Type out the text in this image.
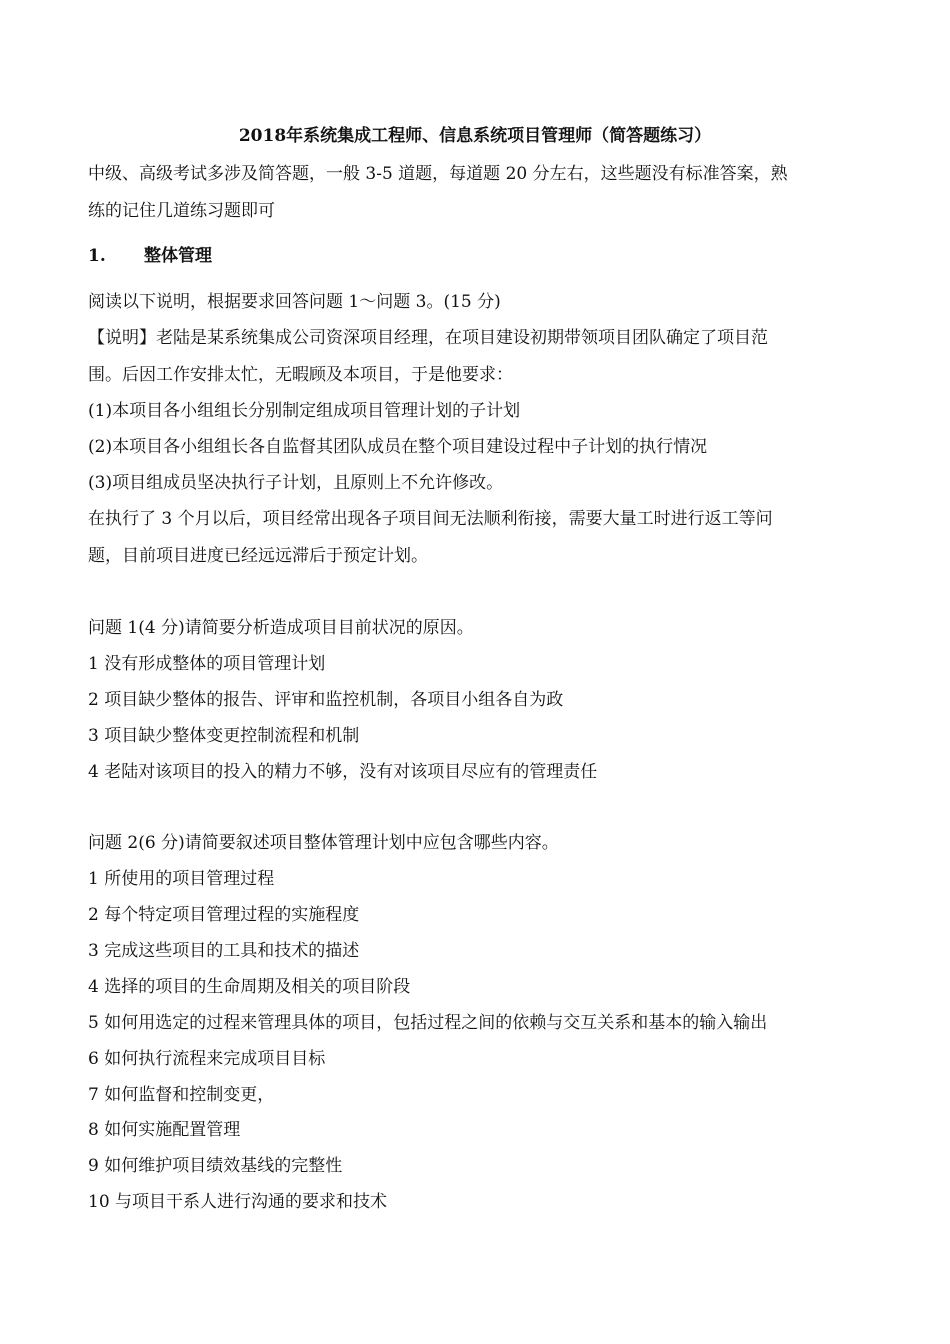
2018年系统集成工程师、信息系统项目管理师（简答题练习）
中级、高级考试多涉及简答题，一般 3-5 道题，每道题 20 分左右，这些题没有标准答案，熟
练的记住几道练习题即可
1. 整体管理
阅读以下说明，根据要求回答问题 1～问题 3。(15 分)
【说明】老陆是某系统集成公司资深项目经理，在项目建设初期带领项目团队确定了项目范
围。后因工作安排太忙，无暇顾及本项目，于是他要求：
(1)本项目各小组组长分别制定组成项目管理计划的子计划
(2)本项目各小组组长各自监督其团队成员在整个项目建设过程中子计划的执行情况
(3)项目组成员坚决执行子计划，且原则上不允许修改。
在执行了 3 个月以后，项目经常出现各子项目间无法顺利衔接，需要大量工时进行返工等问
题，目前项目进度已经远远滞后于预定计划。
问题 1(4 分)请简要分析造成项目目前状况的原因。
1 没有形成整体的项目管理计划
2 项目缺少整体的报告、评审和监控机制，各项目小组各自为政
3 项目缺少整体变更控制流程和机制
4 老陆对该项目的投入的精力不够，没有对该项目尽应有的管理责任
问题 2(6 分)请简要叙述项目整体管理计划中应包含哪些内容。
1 所使用的项目管理过程
2 每个特定项目管理过程的实施程度
3 完成这些项目的工具和技术的描述
4 选择的项目的生命周期及相关的项目阶段
5 如何用选定的过程来管理具体的项目，包括过程之间的依赖与交互关系和基本的输入输出
6 如何执行流程来完成项目目标
7 如何监督和控制变更，
8 如何实施配置管理
9 如何维护项目绩效基线的完整性
10 与项目干系人进行沟通的要求和技术
